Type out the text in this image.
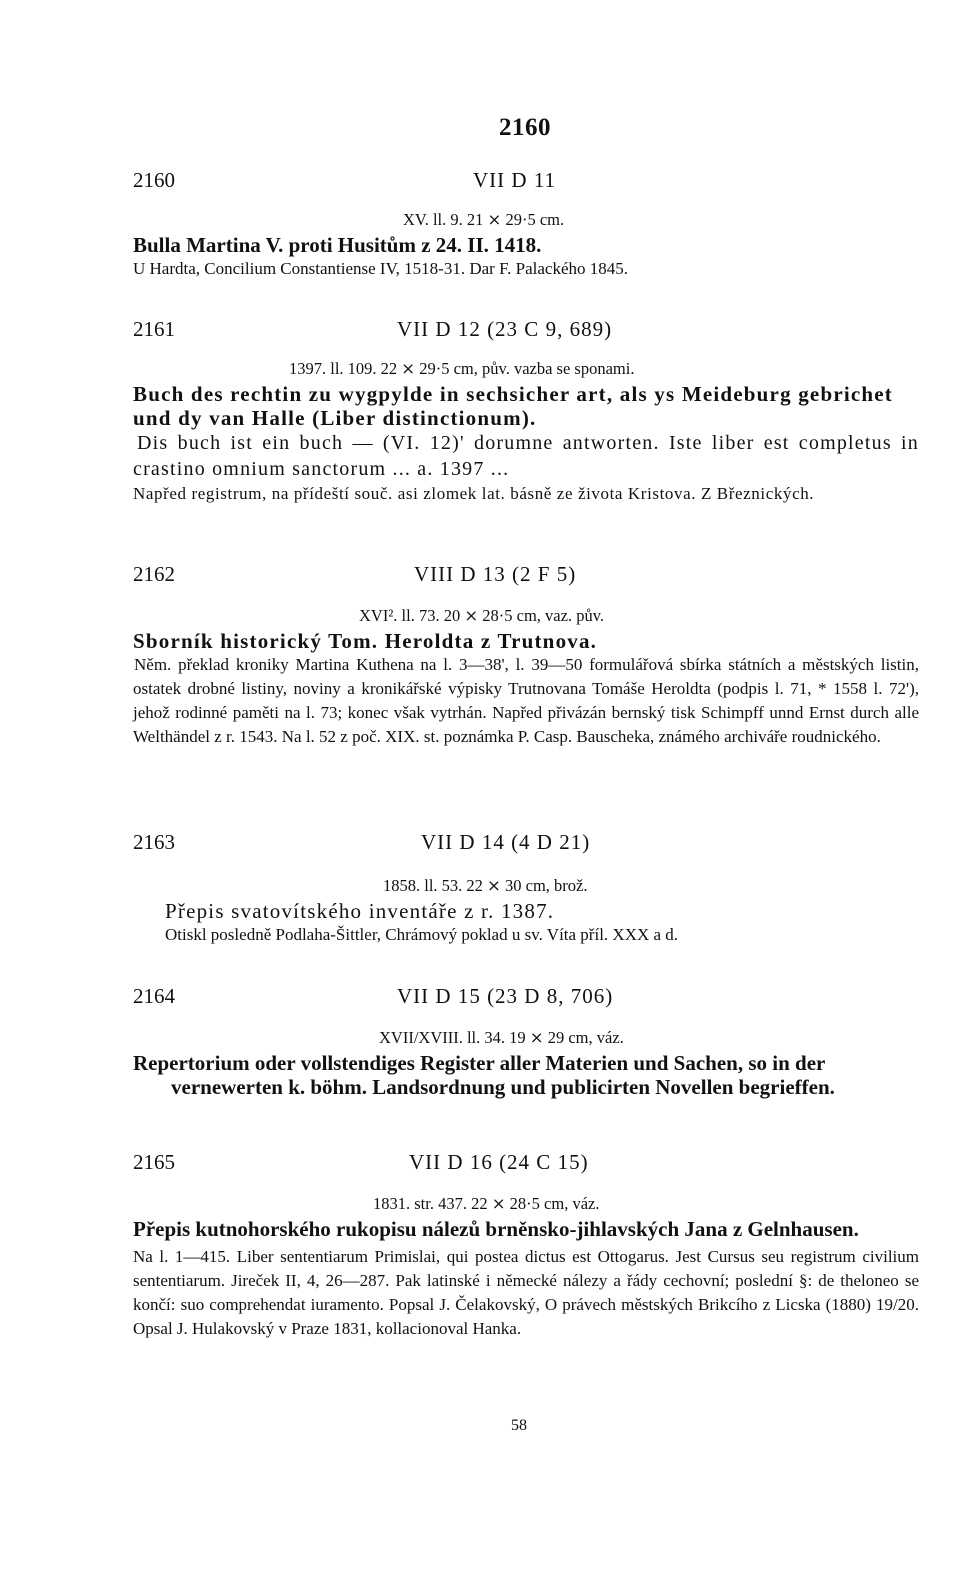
2160
2160	VII D 11
XV. ll. 9. 21 ⨯ 29·5 cm.
Bulla Martina V. proti Husitům z 24. II. 1418.
U Hardta, Concilium Constantiense IV, 1518-31. Dar F. Palackého 1845.
2161	VII D 12 (23 C 9, 689)
1397. ll. 109. 22 ⨯ 29·5 cm, pův. vazba se sponami.
Buch des rechtin zu wygpylde in sechsicher art, als ys Meideburg gebrichet und dy van Halle (Liber distinctionum).
Dis buch ist ein buch — (VI. 12)' dorumne antworten. Iste liber est completus in crastino omnium sanctorum ... a. 1397 ...
Napřed registrum, na přídeští souč. asi zlomek lat. básně ze života Kristova. Z Březnických.
2162	VIII D 13 (2 F 5)
XVI². ll. 73. 20 ⨯ 28·5 cm, vaz. pův.
Sborník historický Tom. Heroldta z Trutnova.
Něm. překlad kroniky Martina Kuthena na l. 3—38', l. 39—50 formulářová sbírka státních a městských listin, ostatek drobné listiny, noviny a kronikářské výpisky Trutnovana Tomáše Heroldta (podpis l. 71, * 1558 l. 72'), jehož rodinné paměti na l. 73; konec však vytrhán. Napřed přivázán bernský tisk Schimpff unnd Ernst durch alle Welthändel z r. 1543. Na l. 52 z poč. XIX. st. poznámka P. Casp. Bauscheka, známého archiváře roudnického.
2163	VII D 14 (4 D 21)
1858. ll. 53. 22 ⨯ 30 cm, brož.
Přepis svatovítského inventáře z r. 1387.
Otiskl posledně Podlaha-Šittler, Chrámový poklad u sv. Víta příl. XXX a d.
2164	VII D 15 (23 D 8, 706)
XVII/XVIII. ll. 34. 19 ⨯ 29 cm, váz.
Repertorium oder vollstendiges Register aller Materien und Sachen, so in der vernewerten k. böhm. Landsordnung und publicirten Novellen begrieffen.
2165	VII D 16 (24 C 15)
1831. str. 437. 22 ⨯ 28·5 cm, váz.
Přepis kutnohorského rukopisu nálezů brněnsko-jihlavských Jana z Gelnhausen.
Na l. 1—415. Liber sententiarum Primislai, qui postea dictus est Ottogarus. Jest Cursus seu registrum civilium sententiarum. Jireček II, 4, 26—287. Pak latinské i německé nálezy a řády cechovní; poslední §: de theloneo se končí: suo comprehendat iuramento. Popsal J. Čelakovský, O právech městských Brikcího z Licska (1880) 19/20. Opsal J. Hulakovský v Praze 1831, kollacionoval Hanka.
58
